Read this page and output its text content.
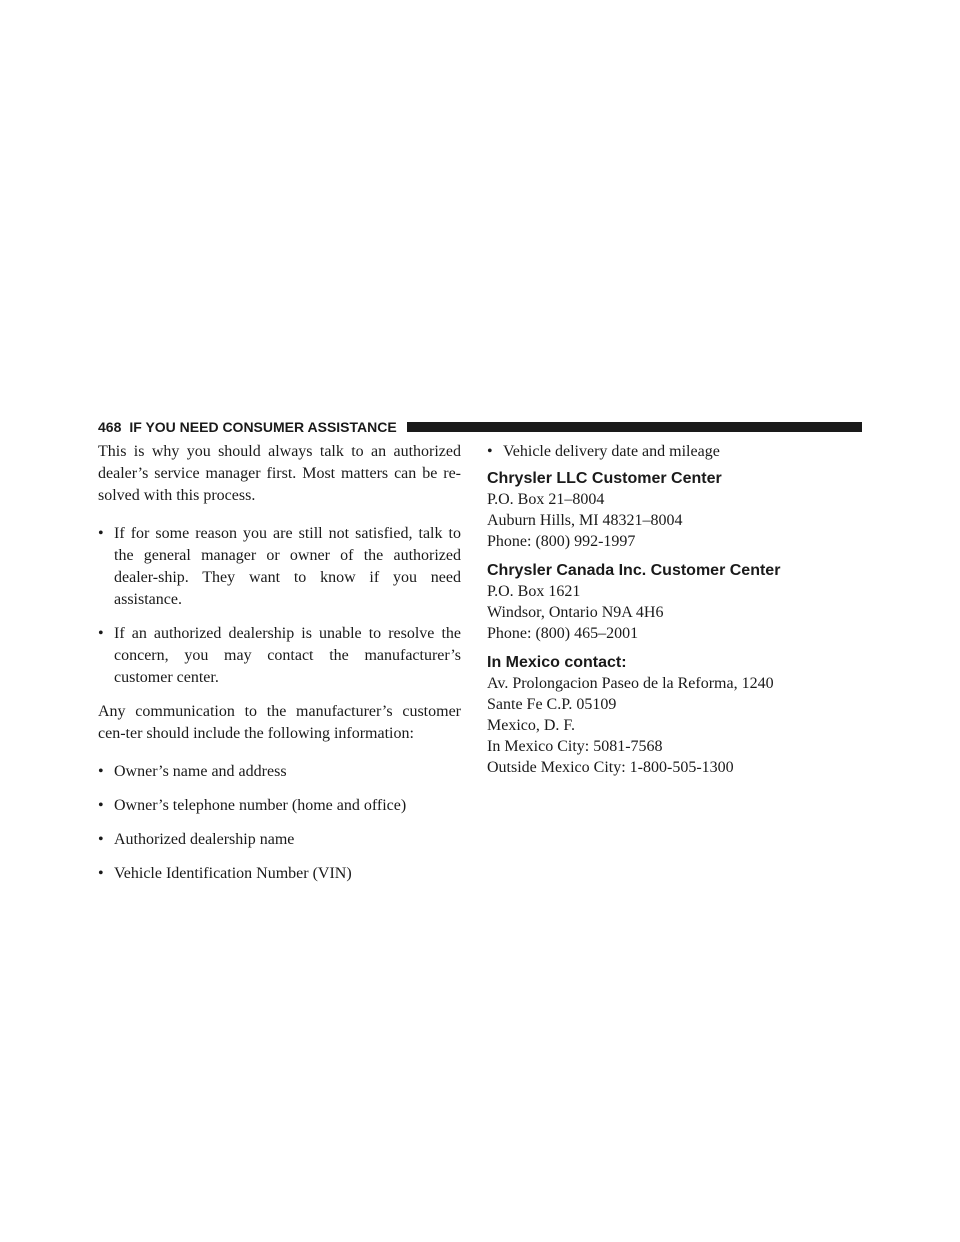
468 IF YOU NEED CONSUMER ASSISTANCE

This is why you should always talk to an authorized dealer’s service manager first. Most matters can be re-solved with this process.

• If for some reason you are still not satisfied, talk to the general manager or owner of the authorized dealer-ship. They want to know if you need assistance.
• If an authorized dealership is unable to resolve the concern, you may contact the manufacturer’s customer center.

Any communication to the manufacturer’s customer cen-ter should include the following information:

• Owner’s name and address
• Owner’s telephone number (home and office)
• Authorized dealership name
• Vehicle Identification Number (VIN)
• Vehicle delivery date and mileage
Chrysler LLC Customer Center
P.O. Box 21–8004
Auburn Hills, MI 48321–8004
Phone: (800) 992-1997
Chrysler Canada Inc. Customer Center
P.O. Box 1621
Windsor, Ontario N9A 4H6
Phone: (800) 465–2001
In Mexico contact:
Av. Prolongacion Paseo de la Reforma, 1240
Sante Fe C.P. 05109
Mexico, D. F.
In Mexico City: 5081-7568
Outside Mexico City: 1-800-505-1300
